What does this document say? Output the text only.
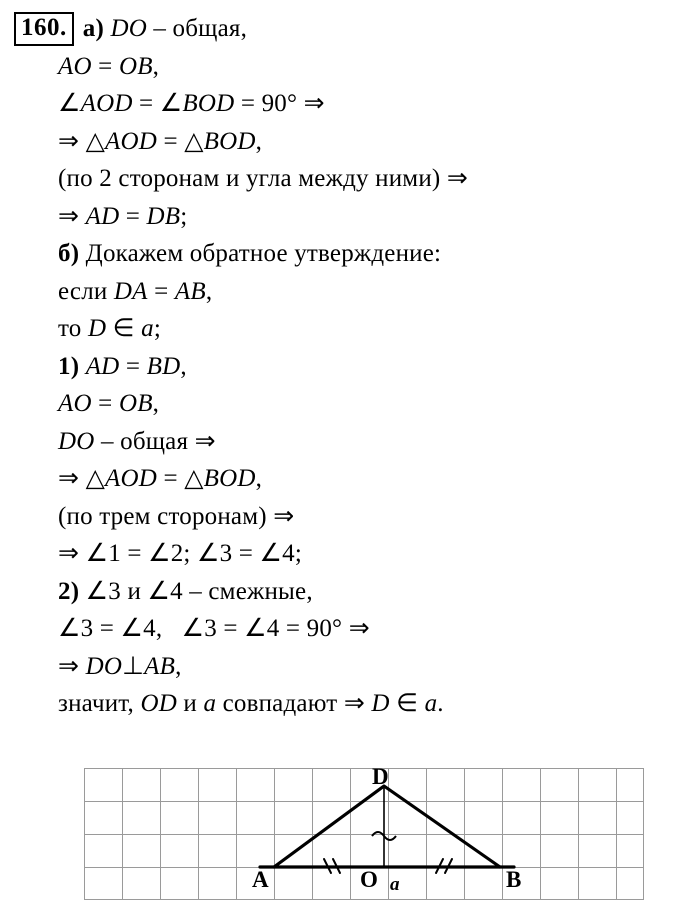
160. а) DO – общая,
AO = OB,
∠AOD = ∠BOD = 90° ⇒
⇒ △AOD = △BOD,
(по 2 сторонам и угла между ними) ⇒
⇒ AD = DB;
б) Докажем обратное утверждение:
если DA = AB,
то D ∈ a;
1) AD = BD,
AO = OB,
DO – общая ⇒
⇒ △AOD = △BOD,
(по трем сторонам) ⇒
⇒ ∠1 = ∠2; ∠3 = ∠4;
2) ∠3 и ∠4 – смежные,
∠3 = ∠4,   ∠3 = ∠4 = 90° ⇒
⇒ DO⊥AB,
значит, OD и a совпадают ⇒ D ∈ a.
D
A	B
O a
